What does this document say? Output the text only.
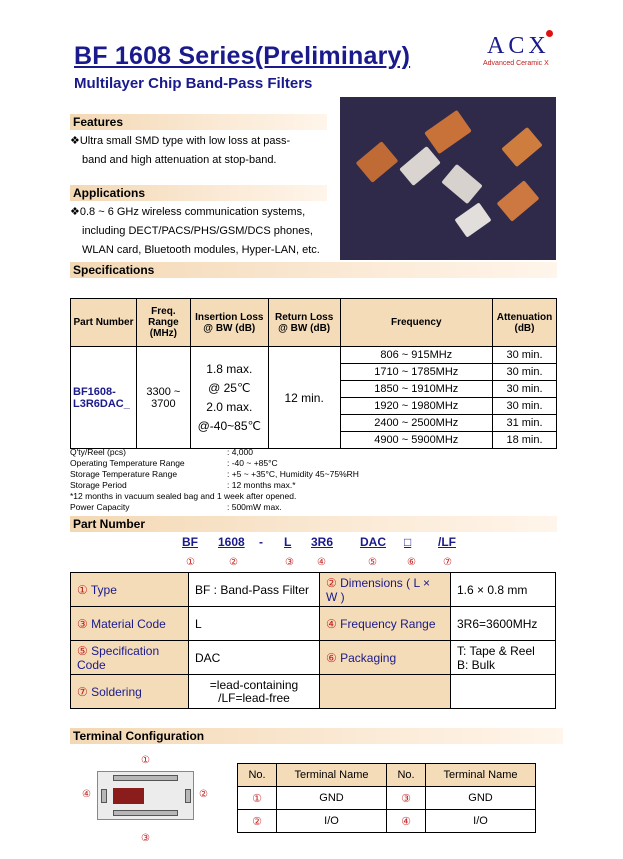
BF 1608 Series(Preliminary)
Multilayer Chip Band-Pass Filters
ACX
Advanced Ceramic X
Features
❖Ultra small SMD type with low loss at pass-
band and high attenuation at stop-band.
Applications
❖0.8 ~ 6 GHz wireless communication systems,
including DECT/PACS/PHS/GSM/DCS phones,
WLAN card, Bluetooth modules, Hyper-LAN, etc.
Specifications
Part Number	Freq. Range (MHz)	Insertion Loss @ BW (dB)	Return Loss @ BW (dB)	Frequency	Attenuation (dB)
BF1608-L3R6DAC_	3300 ~ 3700	1.8 max.
@ 25℃
2.0 max.
@-40~85℃	12 min.	806 ~ 915MHz	30 min.
				1710 ~ 1785MHz	30 min.
				1850 ~ 1910MHz	30 min.
				1920 ~ 1980MHz	30 min.
				2400 ~ 2500MHz	31 min.
				4900 ~ 5900MHz	18 min.
Q'ty/Reel (pcs)	: 4,000
Operating Temperature Range	: -40 ~ +85°C
Storage Temperature Range	: +5 ~ +35°C, Humidity 45~75%RH
Storage Period	: 12 months max.*
*12 months in vacuum sealed bag and 1 week after opened.
Power Capacity	: 500mW max.
Part Number
BF 1608 - L 3R6 DAC □ /LF
①	②	③ ④	⑤	⑥	⑦
① Type	BF : Band-Pass Filter	② Dimensions ( L × W )	1.6 × 0.8 mm
③ Material Code	L	④ Frequency Range	3R6=3600MHz
⑤ Specification Code	DAC	⑥ Packaging	T: Tape & Reel
B: Bulk
⑦ Soldering	=lead-containing
/LF=lead-free		
Terminal Configuration
①
②
③
④
No.	Terminal Name	No.	Terminal Name
①	GND	③	GND
②	I/O	④	I/O
